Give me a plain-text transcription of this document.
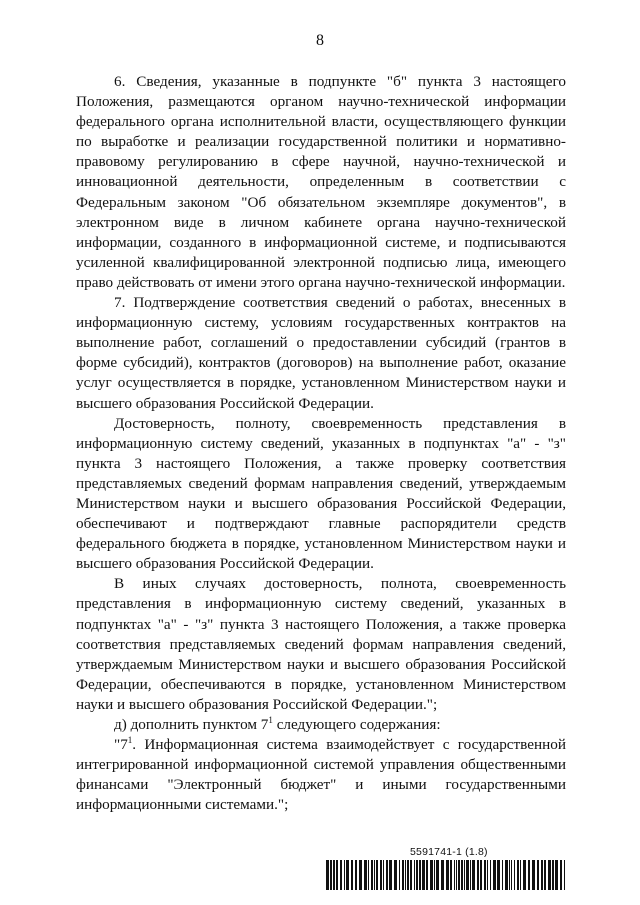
8

6. Сведения, указанные в подпункте "б" пункта 3 настоящего Положения, размещаются органом научно-технической информации федерального органа исполнительной власти, осуществляющего функции по выработке и реализации государственной политики и нормативно-правовому регулированию в сфере научной, научно-технической и инновационной деятельности, определенным в соответствии с Федеральным законом "Об обязательном экземпляре документов", в электронном виде в личном кабинете органа научно-технической информации, созданного в информационной системе, и подписываются усиленной квалифицированной электронной подписью лица, имеющего право действовать от имени этого органа научно-технической информации.

7. Подтверждение соответствия сведений о работах, внесенных в информационную систему, условиям государственных контрактов на выполнение работ, соглашений о предоставлении субсидий (грантов в форме субсидий), контрактов (договоров) на выполнение работ, оказание услуг осуществляется в порядке, установленном Министерством науки и высшего образования Российской Федерации.

Достоверность, полноту, своевременность представления в информационную систему сведений, указанных в подпунктах "а" - "з" пункта 3 настоящего Положения, а также проверку соответствия представляемых сведений формам направления сведений, утверждаемым Министерством науки и высшего образования Российской Федерации, обеспечивают и подтверждают главные распорядители средств федерального бюджета в порядке, установленном Министерством науки и высшего образования Российской Федерации.

В иных случаях достоверность, полнота, своевременность представления в информационную систему сведений, указанных в подпунктах "а" - "з" пункта 3 настоящего Положения, а также проверка соответствия представляемых сведений формам направления сведений, утверждаемым Министерством науки и высшего образования Российской Федерации, обеспечиваются в порядке, установленном Министерством науки и высшего образования Российской Федерации.";

д) дополнить пунктом $7^1$ следующего содержания:

"$7^1$. Информационная система взаимодействует с государственной интегрированной информационной системой управления общественными финансами "Электронный бюджет" и иными государственными информационными системами.";

5591741-1 (1.8)
